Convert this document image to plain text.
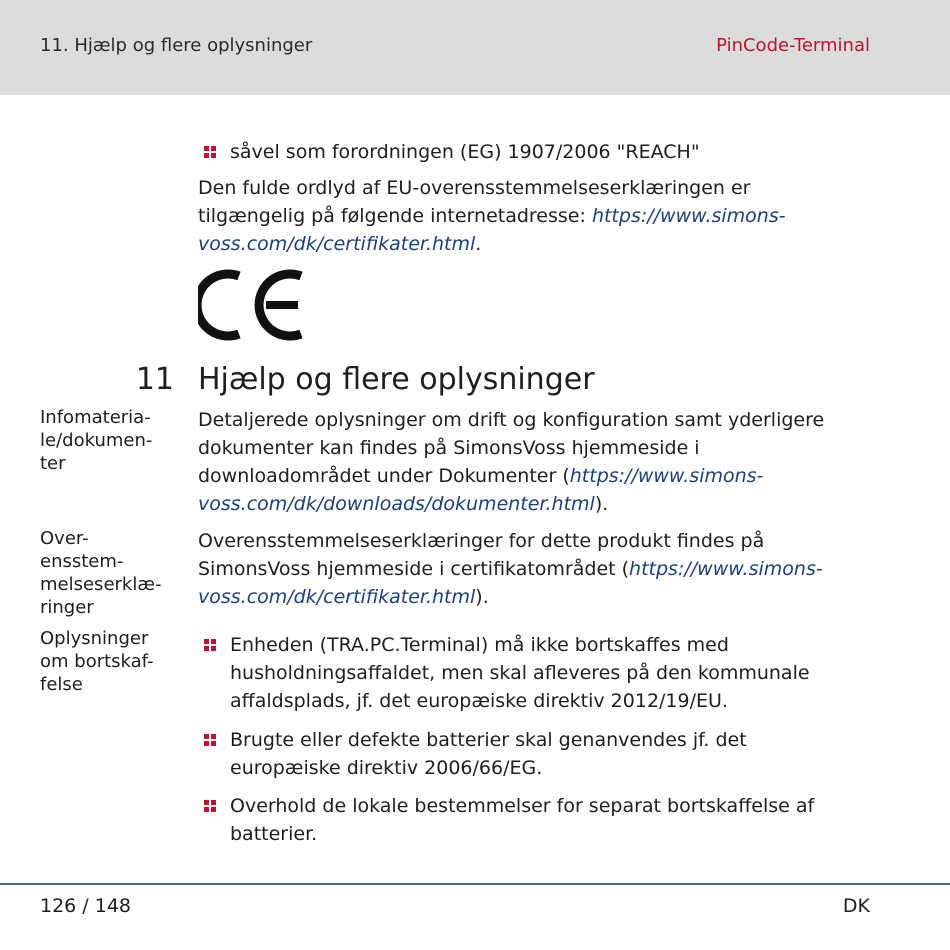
11. Hjælp og flere oplysninger	PinCode-Terminal
såvel som forordningen (EG) 1907/2006 "REACH"
Den fulde ordlyd af EU-overensstemmelseserklæringen er tilgængelig på følgende internetadresse: https://www.simons-voss.com/dk/certifikater.html.
11 Hjælp og flere oplysninger
Infomateria-
le/dokumen-
ter
Detaljerede oplysninger om drift og konfiguration samt yderligere dokumenter kan findes på SimonsVoss hjemmeside i downloadområdet under Dokumenter (https://www.simons-voss.com/dk/downloads/dokumenter.html).
Over-
ensstem-
melseserklæ-
ringer
Overensstemmelseserklæringer for dette produkt findes på SimonsVoss hjemmeside i certifikatområdet (https://www.simons-voss.com/dk/certifikater.html).
Oplysninger
om bortskaf-
felse
Enheden (TRA.PC.Terminal) må ikke bortskaffes med husholdningsaffaldet, men skal afleveres på den kommunale affaldsplads, jf. det europæiske direktiv 2012/19/EU.
Brugte eller defekte batterier skal genanvendes jf. det europæiske direktiv 2006/66/EG.
Overhold de lokale bestemmelser for separat bortskaffelse af batterier.
126 / 148	DK
